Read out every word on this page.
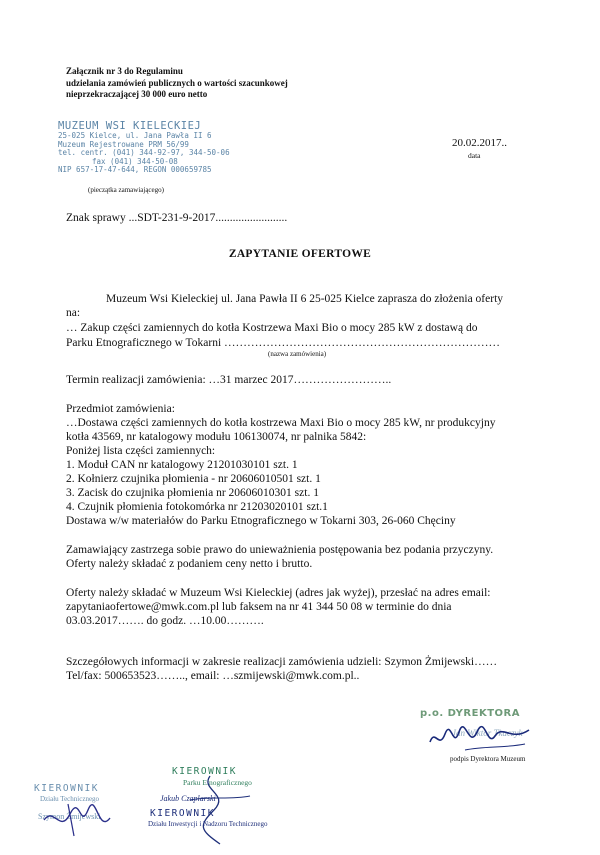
Załącznik nr 3 do Regulaminu
udzielania zamówień publicznych o wartości szacunkowej
nieprzekraczającej 30 000 euro netto
MUZEUM WSI KIELECKIEJ
25-025 Kielce, ul. Jana Pawła II 6
Muzeum Rejestrowane PRM 56/99
tel. centr. (041) 344-92-97, 344-50-06
fax (041) 344-50-08
NIP 657-17-47-644, REGON 000659785
(pieczątka zamawiającego)
20.02.2017..
data
Znak sprawy ...SDT-231-9-2017.........................
ZAPYTANIE OFERTOWE
Muzeum Wsi Kieleckiej ul. Jana Pawła II 6 25-025 Kielce zaprasza do złożenia oferty
na:
… Zakup części zamiennych do kotła Kostrzewa Maxi Bio o mocy 285 kW z dostawą do
Parku Etnograficznego w Tokarni ………………………………………………………………
(nazwa zamówienia)
Termin realizacji zamówienia: …31 marzec 2017……………………..
Przedmiot zamówienia:
…Dostawa części zamiennych do kotła kostrzewa Maxi Bio o mocy 285 kW, nr produkcyjny
kotła 43569, nr katalogowy modułu 106130074, nr palnika 5842:
Poniżej lista części zamiennych:
1. Moduł CAN nr katalogowy 21201030101 szt. 1
2. Kołnierz czujnika płomienia - nr 20606010501 szt. 1
3. Zacisk do czujnika płomienia nr 20606010301 szt. 1
4. Czujnik płomienia fotokomórka nr 21203020101 szt.1
Dostawa w/w materiałów do Parku Etnograficznego w Tokarni 303, 26-060 Chęciny
Zamawiający zastrzega sobie prawo do unieważnienia postępowania bez podania przyczyny.
Oferty należy składać z podaniem ceny netto i brutto.
Oferty należy składać w Muzeum Wsi Kieleckiej (adres jak wyżej), przesłać na adres email:
zapytaniaofertowe@mwk.com.pl lub faksem na nr 41 344 50 08 w terminie do dnia
03.03.2017……. do godz. …10.00……….
Szczegółowych informacji w zakresie realizacji zamówienia udzieli: Szymon Żmijewski……
Tel/fax: 500653523…….., email: …szmijewski@mwk.com.pl..
p.o. DYREKTORA
Jan Wiktor Tkaczyk
podpis Dyrektora Muzeum
KIEROWNIK
Działu Technicznego
Szymon Żmijewski
KIEROWNIK
Parku Etnograficznego
Jakub Czaplarski
KIEROWNIK
Działu Inwestycji i Nadzoru Technicznego
